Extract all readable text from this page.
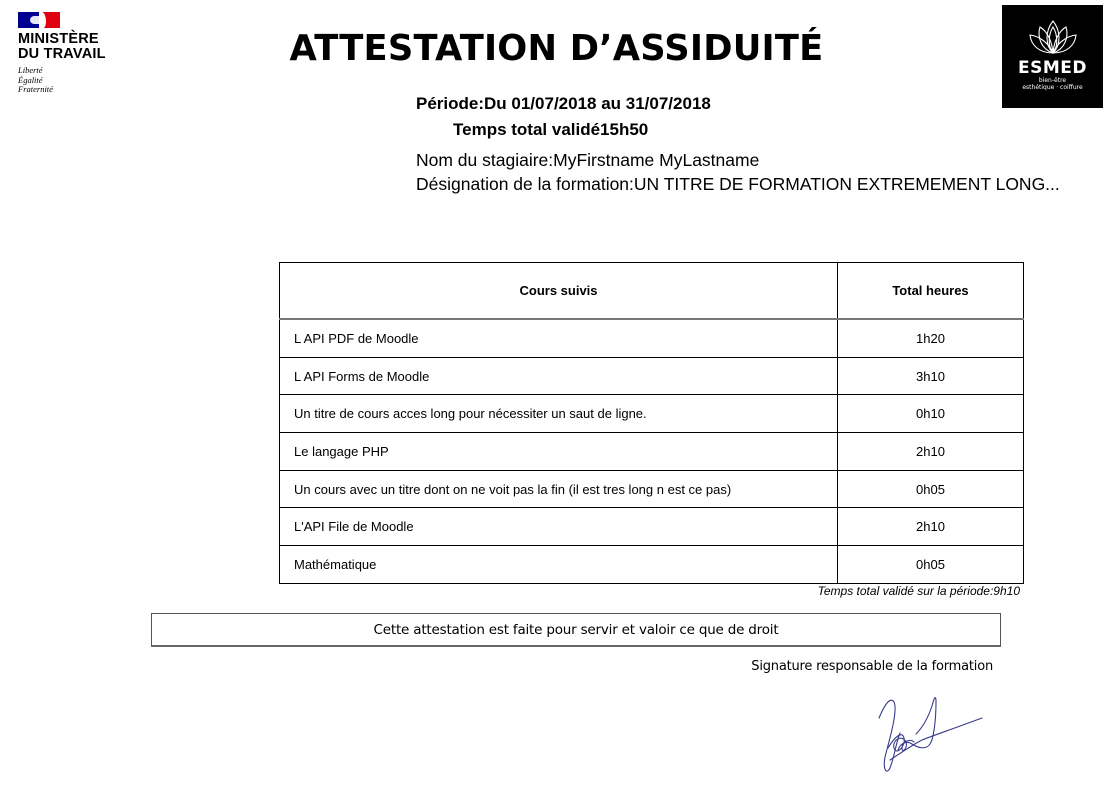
MINISTÈRE
DU TRAVAIL
Liberté
Égalité
Fraternité
ATTESTATION D’ASSIDUITÉ
Période:Du 01/07/2018 au 31/07/2018
Temps total validé15h50
Nom du stagiaire:MyFirstname MyLastname
Désignation de la formation:UN TITRE DE FORMATION EXTREMEMENT LONG...
ESMED
bien-être
esthétique · coiffure
Cours suivis	Total heures
L API PDF de Moodle	1h20
L API Forms de Moodle	3h10
Un titre de cours acces long pour nécessiter un saut de ligne.	0h10
Le langage PHP	2h10
Un cours avec un titre dont on ne voit pas la fin (il est tres long n est ce pas)	0h05
L'API File de Moodle	2h10
Mathématique	0h05
Temps total validé sur la période:9h10
Cette attestation est faite pour servir et valoir ce que de droit
Signature responsable de la formation
